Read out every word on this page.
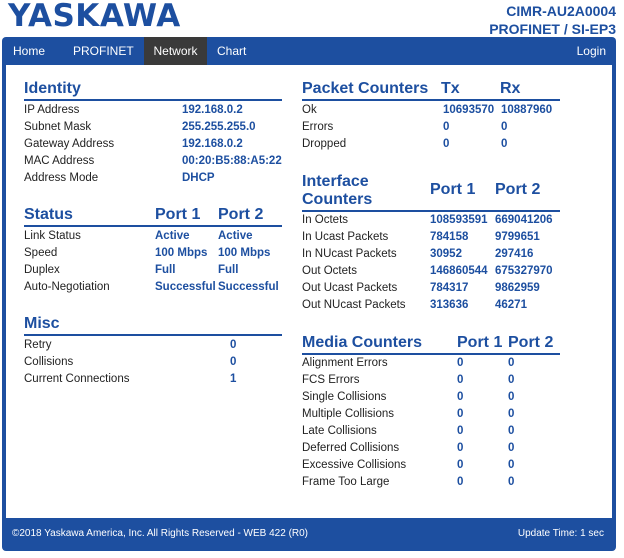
YASKAWA	CIMR-AU2A0004
PROFINET / SI-EP3
Home PROFINET	Network	Chart	Login
Identity
IP Address	192.168.0.2
Subnet Mask	255.255.255.0
Gateway Address	192.168.0.2
MAC Address	00:20:B5:88:A5:22
Address Mode	DHCP
Status	Port 1 Port 2
Link Status	Active Active
Speed	100 Mbps 100 Mbps
Duplex	Full	Full
Auto-Negotiation	Successful Successful
Misc
Retry	0
Collisions	0
Current Connections	1
Packet Counters Tx	Rx
Ok	10693570 10887960
Errors	0	0
Dropped	0	0
Interface
Counters
Port 1 Port 2
In Octets	108593591 669041206
In Ucast Packets	784158 9799651
In NUcast Packets	30952	297416
Out Octets	146860544 675327970
Out Ucast Packets	784317 9862959
Out NUcast Packets 313636 46271
Media Counters Port 1 Port 2
Alignment Errors	0	0
FCS Errors	0	0
Single Collisions	0	0
Multiple Collisions	0	0
Late Collisions	0	0
Deferred Collisions	0	0
Excessive Collisions	0	0
Frame Too Large	0	0
©2018 Yaskawa America, Inc. All Rights Reserved - WEB 422 (R0)	Update Time: 1 sec
